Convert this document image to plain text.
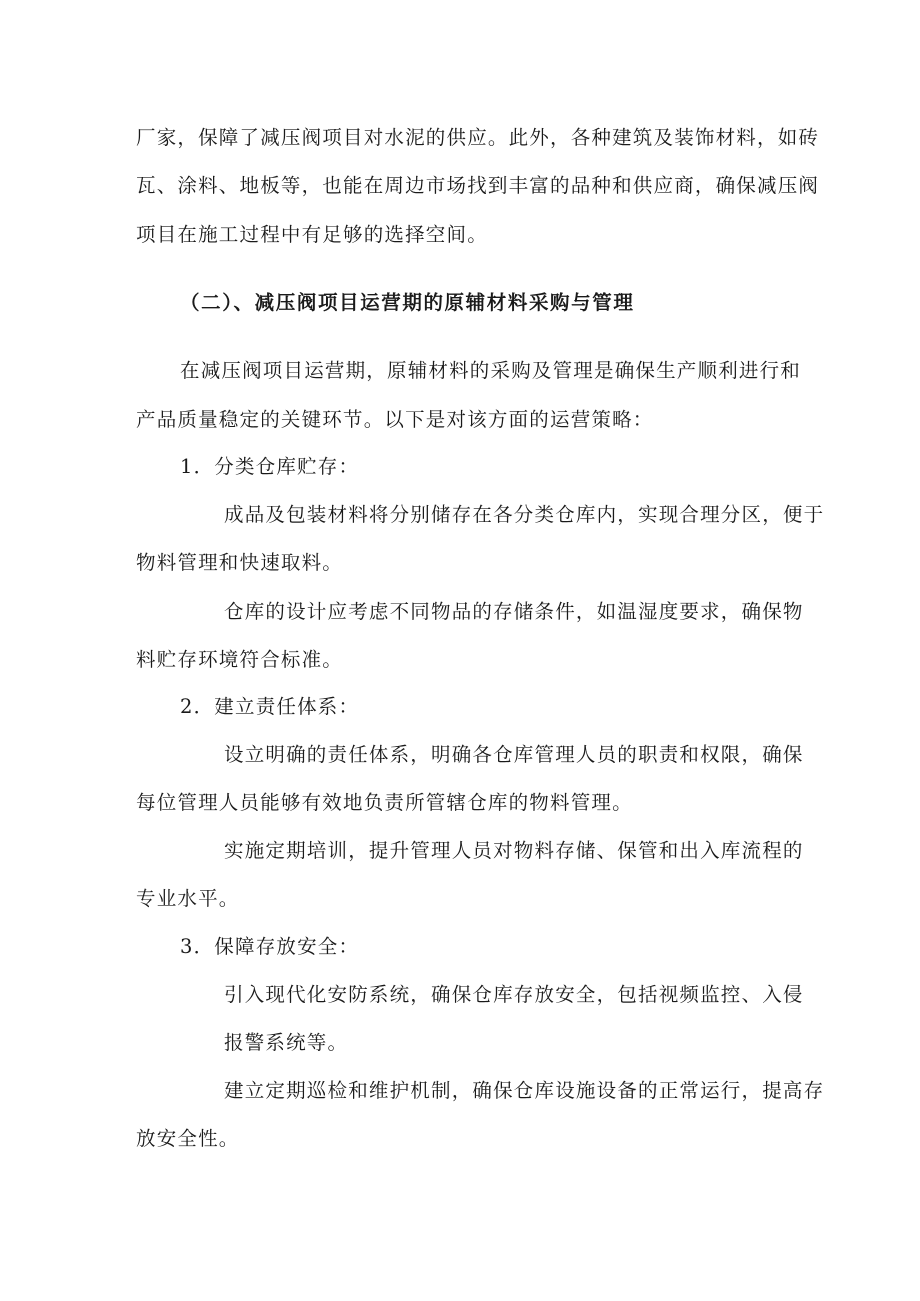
厂家，保障了减压阀项目对水泥的供应。此外，各种建筑及装饰材料，如砖
瓦、涂料、地板等，也能在周边市场找到丰富的品种和供应商，确保减压阀
项目在施工过程中有足够的选择空间。
（二）、减压阀项目运营期的原辅材料采购与管理
在减压阀项目运营期，原辅材料的采购及管理是确保生产顺利进行和
产品质量稳定的关键环节。以下是对该方面的运营策略：
1．分类仓库贮存：
成品及包装材料将分别储存在各分类仓库内，实现合理分区，便于
物料管理和快速取料。
仓库的设计应考虑不同物品的存储条件，如温湿度要求，确保物
料贮存环境符合标准。
2．建立责任体系：
设立明确的责任体系，明确各仓库管理人员的职责和权限，确保
每位管理人员能够有效地负责所管辖仓库的物料管理。
实施定期培训，提升管理人员对物料存储、保管和出入库流程的
专业水平。
3．保障存放安全：
引入现代化安防系统，确保仓库存放安全，包括视频监控、入侵
报警系统等。
建立定期巡检和维护机制，确保仓库设施设备的正常运行，提高存
放安全性。
